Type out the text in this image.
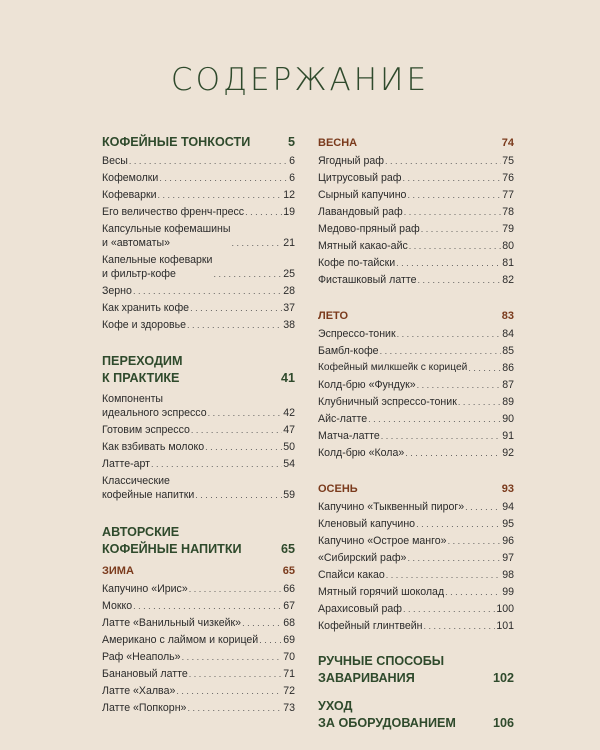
СОДЕРЖАНИЕ
КОФЕЙНЫЕ ТОНКОСТИ	5
Весы . . .	6
Кофемолки . . .	6
Кофеварки . . .	12
Его величество френч-пресс . . .	19
Капсульные кофемашины
и «автоматы» . . .	21
Капельные кофеварки
и фильтр-кофе . . .	25
Зерно . . .	28
Как хранить кофе . . .	37
Кофе и здоровье . . .	38
ПЕРЕХОДИМ
К ПРАКТИКЕ	41
Компоненты
идеального эспрессо . . .	42
Готовим эспрессо . . .	47
Как взбивать молоко . . .	50
Латте-арт . . .	54
Классические
кофейные напитки . . .	59
АВТОРСКИЕ
КОФЕЙНЫЕ НАПИТКИ	65
ЗИМА	65
Капучино «Ирис» . . .	66
Мокко . . .	67
Латте «Ванильный чизкейк» . . .	68
Американо с лаймом и корицей . . . 69
Раф «Неаполь» . . .	70
Банановый латте . . .	71
Латте «Халва» . . .	72
Латте «Попкорн» . . .	73
ВЕСНА	74
Ягодный раф . . .	75
Цитрусовый раф . . .	76
Сырный капучино . . .	77
Лавандовый раф . . .	78
Медово-пряный раф . . .	79
Мятный какао-айс . . .	80
Кофе по-тайски . . .	81
Фисташковый латте . . .	82
ЛЕТО	83
Эспрессо-тоник . . .	84
Бамбл-кофе . . .	85
Кофейный милкшейк с корицей . . .	86
Колд-брю «Фундук» . . .	87
Клубничный эспрессо-тоник . . .	89
Айс-латте . . .	90
Матча-латте . . .	91
Колд-брю «Кола» . . .	92
ОСЕНЬ	93
Капучино «Тыквенный пирог» . . .	94
Кленовый капучино . . .	95
Капучино «Острое манго» . . .	96
«Сибирский раф» . . .	97
Спайси какао . . .	98
Мятный горячий шоколад . . .	99
Арахисовый раф . . .	100
Кофейный глинтвейн . . .	101
РУЧНЫЕ СПОСОБЫ
ЗАВАРИВАНИЯ	102
УХОД
ЗА ОБОРУДОВАНИЕМ	106
